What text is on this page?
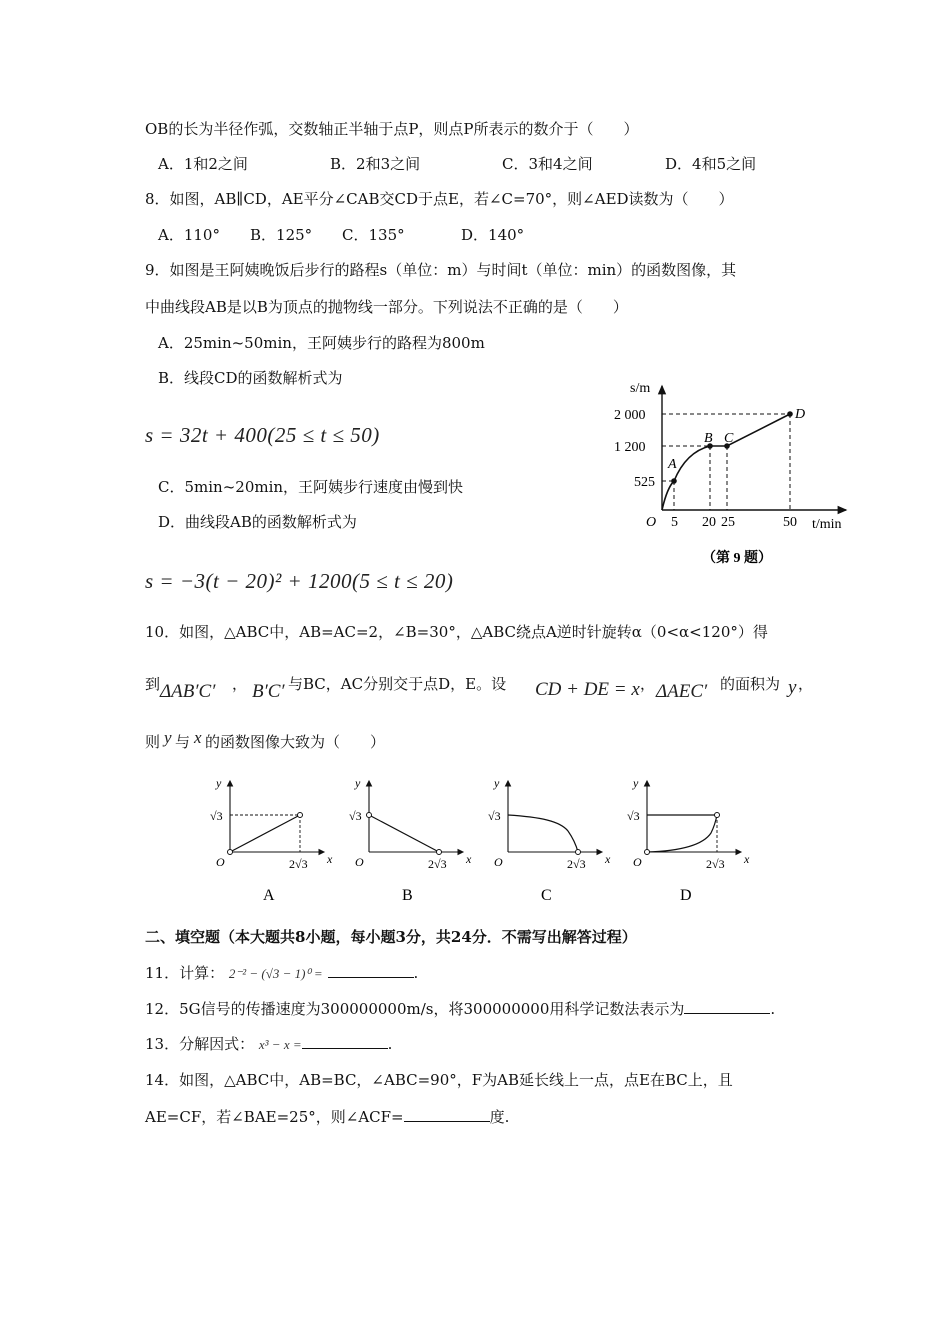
OB的长为半径作弧，交数轴正半轴于点P，则点P所表示的数介于（　　）
A．1和2之间	B．2和3之间	C．3和4之间	D．4和5之间
8．如图，AB∥CD，AE平分∠CAB交CD于点E，若∠C=70°，则∠AED读数为（　　）
A．110° B．125° C．135°	D．140°
9．如图是王阿姨晚饭后步行的路程s（单位：m）与时间t（单位：min）的函数图像，其
中曲线段AB是以B为顶点的抛物线一部分。下列说法不正确的是（　　）
A．25min~50min，王阿姨步行的路程为800m
B．线段CD的函数解析式为
s = 32t + 400(25 ≤ t ≤ 50)
C．5min~20min，王阿姨步行速度由慢到快
D．曲线段AB的函数解析式为
s = −3(t − 20)² + 1200(5 ≤ t ≤ 20)
s/m
t/min
O
2 000
1 200
525
5 20 25	50
A
B C
D
（第 9 题）
10．如图，△ABC中，AB=AC=2，∠B=30°，△ABC绕点A逆时针旋转α（0<α<120°）得
到 ΔAB′C′ ， B′C′ 与BC，AC分别交于点D，E。设 CD + DE = x ， ΔAEC′ 的面积为 y ，
则 y 与 x 的函数图像大致为（　　）
y
x
O
√3
2√3
A
y
x
O
√3
2√3
B
y
x
O
√3
2√3
C
y
x
O
√3
2√3
D
二、填空题（本大题共8小题，每小题3分，共24分．不需写出解答过程）
11．计算： 2⁻² − (√3 − 1)⁰ =	.
12．5G信号的传播速度为300000000m/s，将300000000用科学记数法表示为	.
13．分解因式： x³ − x =	.
14．如图，△ABC中，AB=BC，∠ABC=90°，F为AB延长线上一点，点E在BC上，且
AE=CF，若∠BAE=25°，则∠ACF=	度.
